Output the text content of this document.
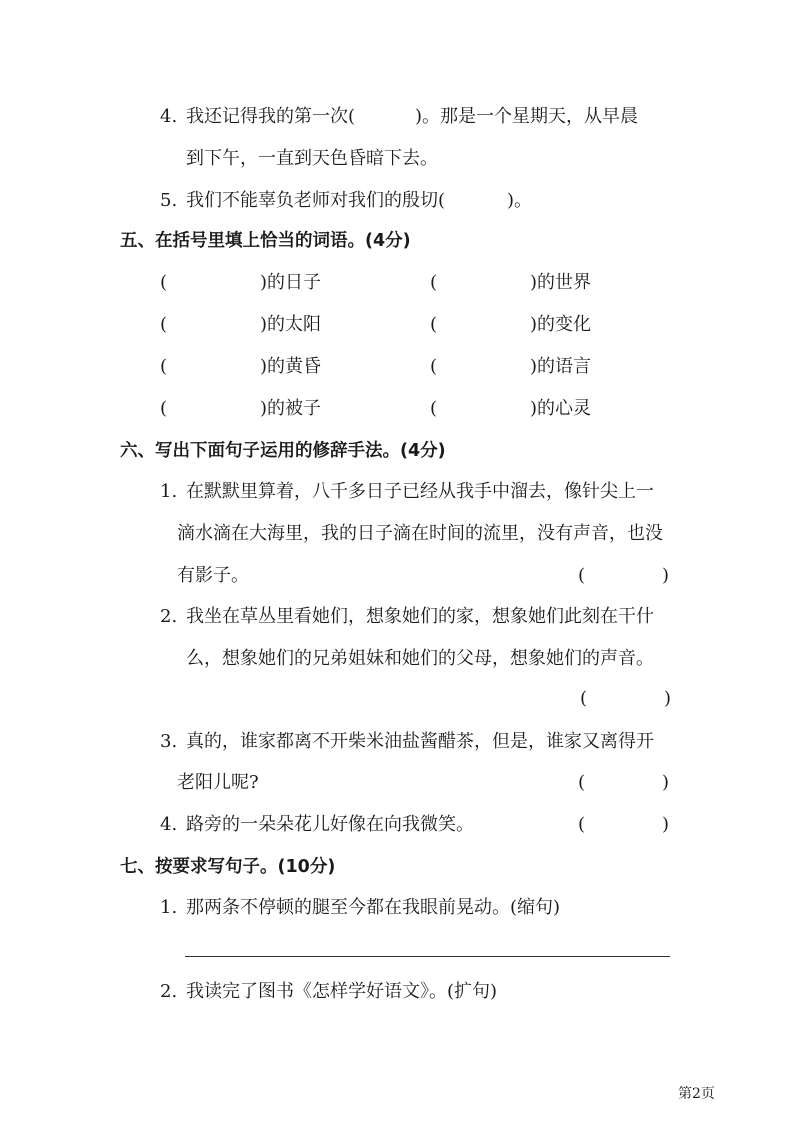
4. 我还记得我的第一次(	)。那是一个星期天，从早晨
到下午，一直到天色昏暗下去。
5. 我们不能辜负老师对我们的殷切(	)。
五、在括号里填上恰当的词语。(4分)
(	)的日子	(	)的世界
(	)的太阳	(	)的变化
(	)的黄昏	(	)的语言
(	)的被子	(	)的心灵
六、写出下面句子运用的修辞手法。(4分)
1. 在默默里算着，八千多日子已经从我手中溜去，像针尖上一
滴水滴在大海里，我的日子滴在时间的流里，没有声音，也没
有影子。	(	)
2. 我坐在草丛里看她们，想象她们的家，想象她们此刻在干什
么，想象她们的兄弟姐妹和她们的父母，想象她们的声音。
(	)
3. 真的，谁家都离不开柴米油盐酱醋茶，但是，谁家又离得开
老阳儿呢?	(	)
4. 路旁的一朵朵花儿好像在向我微笑。	(	)
七、按要求写句子。(10分)
1. 那两条不停顿的腿至今都在我眼前晃动。(缩句)
2. 我读完了图书《怎样学好语文》。(扩句)
第2页
